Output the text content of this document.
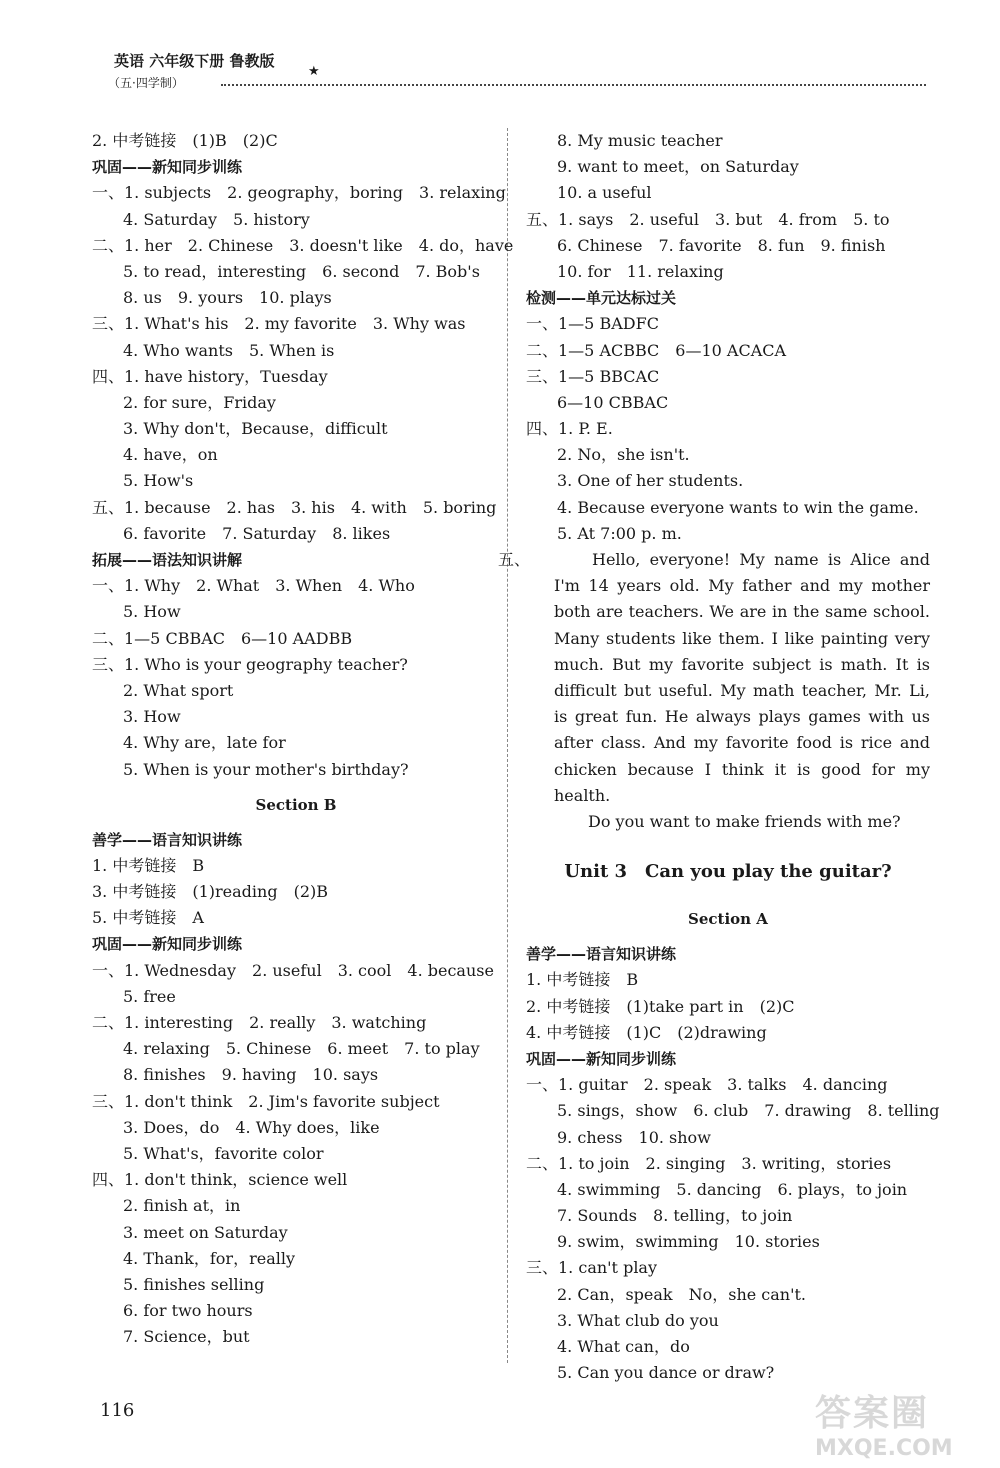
英语 六年级下册 鲁教版
★
（五·四学制）
2. 中考链接　(1)B　(2)C
巩固——新知同步训练
一、1. subjects　2. geography，boring　3. relaxing
4. Saturday　5. history
二、1. her　2. Chinese　3. doesn't like　4. do，have
5. to read，interesting　6. second　7. Bob's
8. us　9. yours　10. plays
三、1. What's his　2. my favorite　3. Why was
4. Who wants　5. When is
四、1. have history，Tuesday
2. for sure，Friday
3. Why don't，Because，difficult
4. have，on
5. How's
五、1. because　2. has　3. his　4. with　5. boring
6. favorite　7. Saturday　8. likes
拓展——语法知识讲解
一、1. Why　2. What　3. When　4. Who
5. How
二、1—5 CBBAC　6—10 AADBB
三、1. Who is your geography teacher?
2. What sport
3. How
4. Why are，late for
5. When is your mother's birthday?
Section B
善学——语言知识讲练
1. 中考链接　B
3. 中考链接　(1)reading　(2)B
5. 中考链接　A
巩固——新知同步训练
一、1. Wednesday　2. useful　3. cool　4. because
5. free
二、1. interesting　2. really　3. watching
4. relaxing　5. Chinese　6. meet　7. to play
8. finishes　9. having　10. says
三、1. don't think　2. Jim's favorite subject
3. Does，do　4. Why does，like
5. What's，favorite color
四、1. don't think，science well
2. finish at，in
3. meet on Saturday
4. Thank，for，really
5. finishes selling
6. for two hours
7. Science，but
8. My music teacher
9. want to meet，on Saturday
10. a useful
五、1. says　2. useful　3. but　4. from　5. to
6. Chinese　7. favorite　8. fun　9. finish
10. for　11. relaxing
检测——单元达标过关
一、1—5 BADFC
二、1—5 ACBBC　6—10 ACACA
三、1—5 BBCAC
6—10 CBBAC
四、1. P. E.
2. No，she isn't.
3. One of her students.
4. Because everyone wants to win the game.
5. At 7:00 p. m.
五、	Hello, everyone! My name is Alice and I'm 14 years old. My father and my mother both are teachers. We are in the same school. Many students like them. I like painting very much. But my favorite subject is math. It is difficult but useful. My math teacher, Mr. Li, is great fun. He always plays games with us after class. And my favorite food is rice and chicken because I think it is good for my health.
Do you want to make friends with me?
Unit 3　Can you play the guitar?
Section A
善学——语言知识讲练
1. 中考链接　B
2. 中考链接　(1)take part in　(2)C
4. 中考链接　(1)C　(2)drawing
巩固——新知同步训练
一、1. guitar　2. speak　3. talks　4. dancing
5. sings，show　6. club　7. drawing　8. telling
9. chess　10. show
二、1. to join　2. singing　3. writing，stories
4. swimming　5. dancing　6. plays，to join
7. Sounds　8. telling，to join
9. swim，swimming　10. stories
三、1. can't play
2. Can，speak　No，she can't.
3. What club do you
4. What can，do
5. Can you dance or draw?
116	答案圈
MXQE.COM
